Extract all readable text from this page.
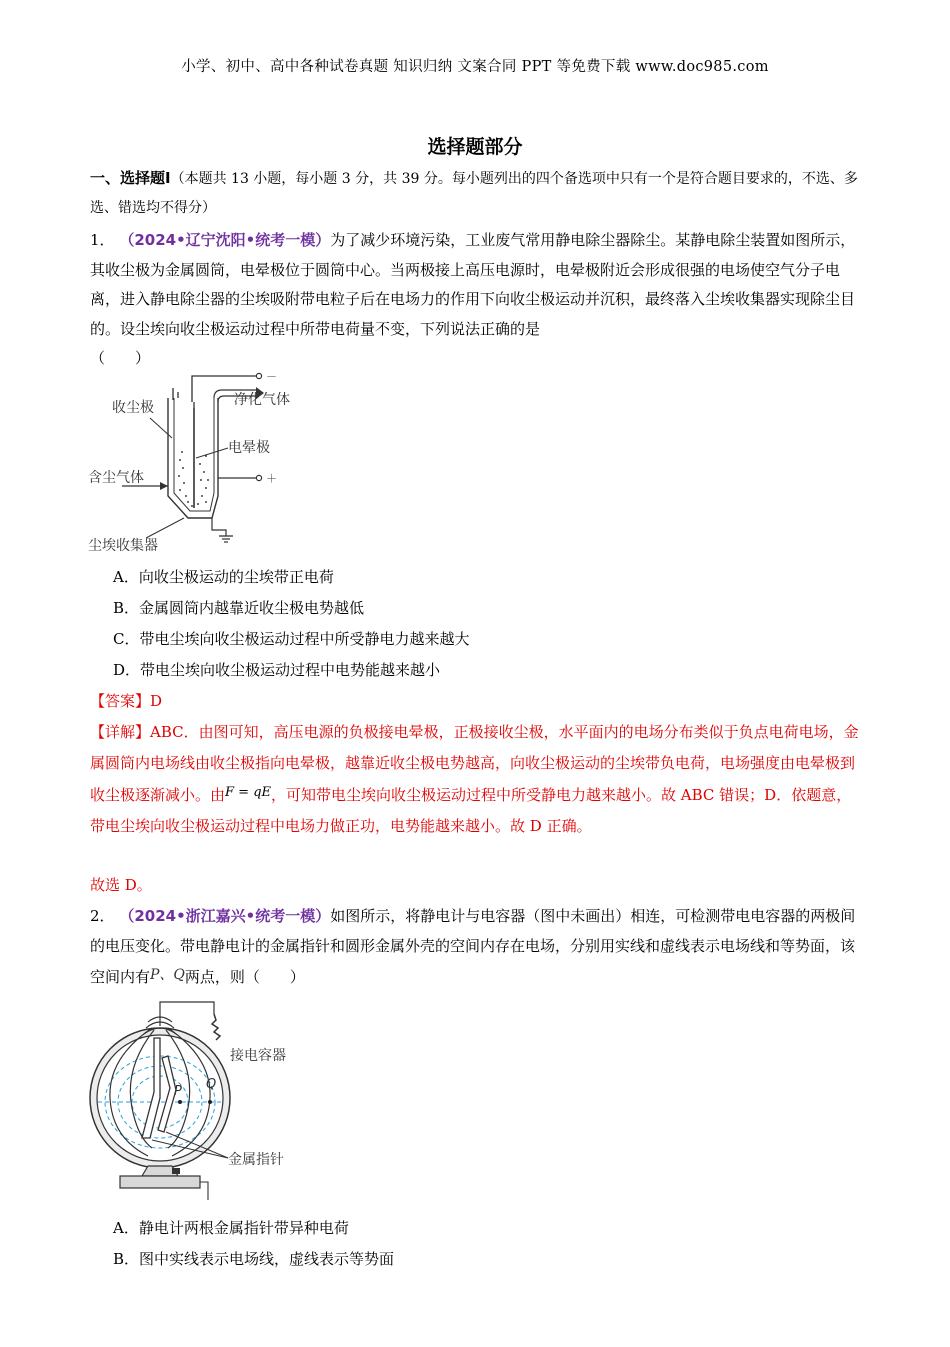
小学、初中、高中各种试卷真题 知识归纳 文案合同 PPT 等免费下载 www.doc985.com
选择题部分
一、选择题Ⅰ（本题共 13 小题，每小题 3 分，共 39 分。每小题列出的四个备选项中只有一个是符合题目要求的，不选、多选、错选均不得分）
1． （2024•辽宁沈阳•统考一模）为了减少环境污染，工业废气常用静电除尘器除尘。某静电除尘装置如图所示，其收尘极为金属圆筒，电晕极位于圆筒中心。当两极接上高压电源时，电晕极附近会形成很强的电场使空气分子电离，进入静电除尘器的尘埃吸附带电粒子后在电场力的作用下向收尘极运动并沉积，最终落入尘埃收集器实现除尘目的。设尘埃向收尘极运动过程中所带电荷量不变，下列说法正确的是
（　　）
－
＋
收尘极	净化气体
电晕极
含尘气体
尘埃收集器
A．向收尘极运动的尘埃带正电荷
B．金属圆筒内越靠近收尘极电势越低
C．带电尘埃向收尘极运动过程中所受静电力越来越大
D．带电尘埃向收尘极运动过程中电势能越来越小
【答案】D
【详解】ABC．由图可知，高压电源的负极接电晕极，正极接收尘极，水平面内的电场分布类似于负点电荷电场，金属圆筒内电场线由收尘极指向电晕极，越靠近收尘极电势越高，向收尘极运动的尘埃带负电荷，电场强度由电晕极到收尘极逐渐减小。由F = qE，可知带电尘埃向收尘极运动过程中所受静电力越来越小。故 ABC 错误；D．依题意，带电尘埃向收尘极运动过程中电场力做正功，电势能越来越小。故 D 正确。
故选 D。
2． （2024•浙江嘉兴•统考一模）如图所示，将静电计与电容器（图中未画出）相连，可检测带电电容器的两极间的电压变化。带电静电计的金属指针和圆形金属外壳的空间内存在电场，分别用实线和虚线表示电场线和等势面，该空间内有P、Q两点，则（　　）
P Q
接电容器
金属指针
A．静电计两根金属指针带异种电荷
B．图中实线表示电场线，虚线表示等势面
